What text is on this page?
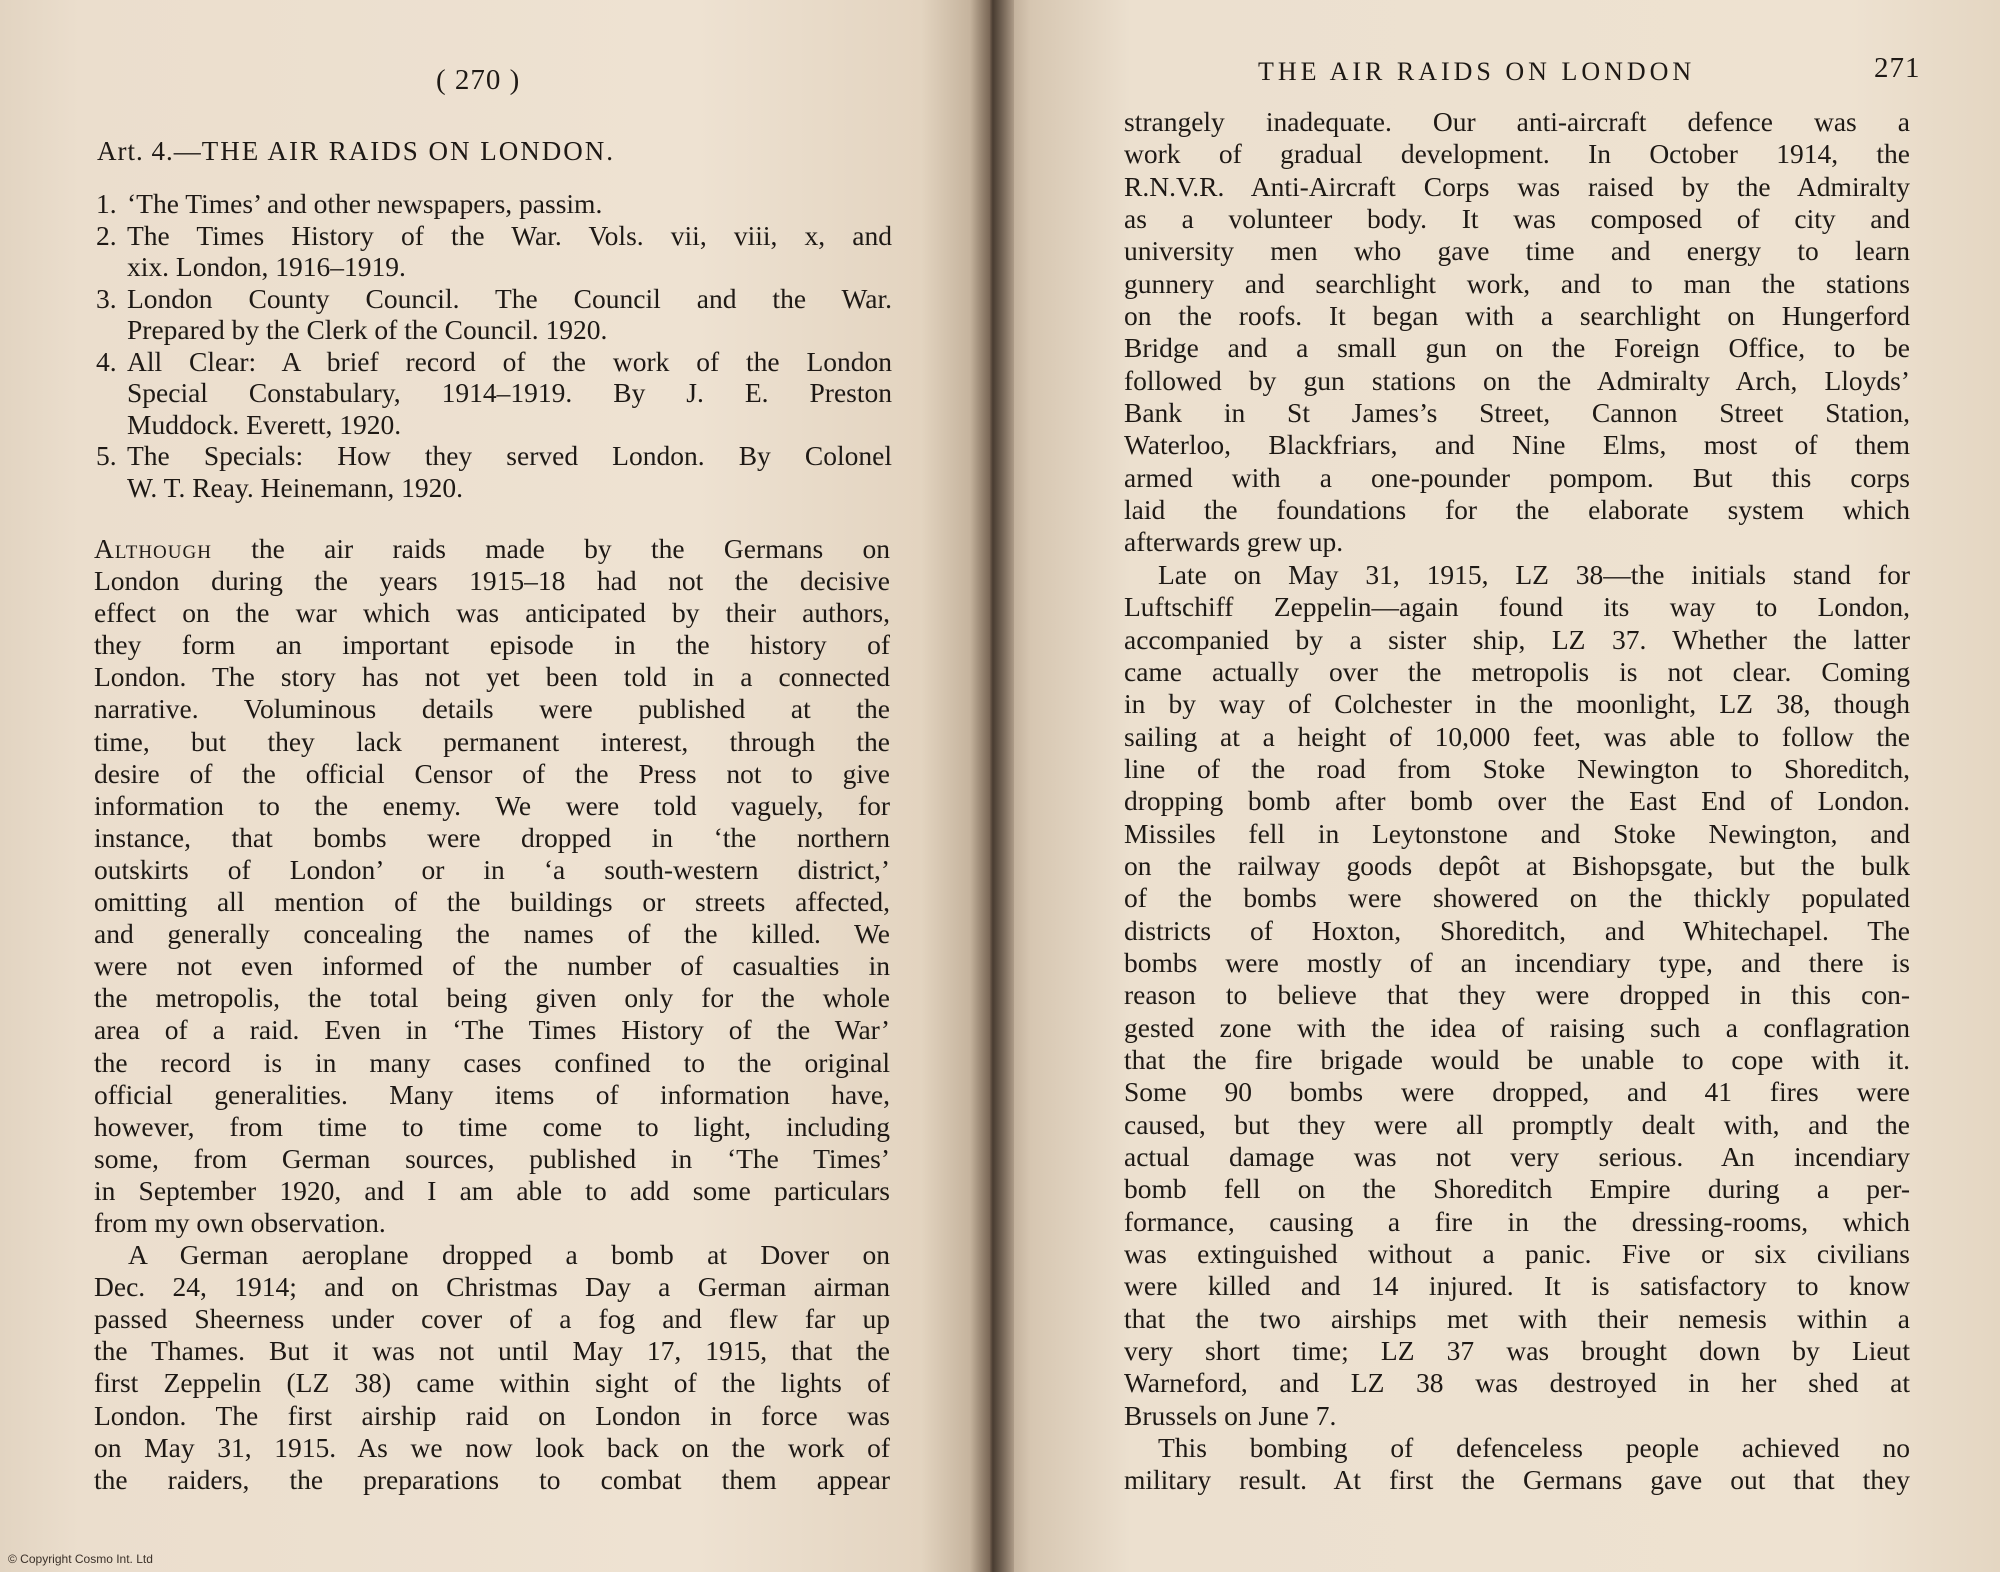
( 270 )
Art. 4.—THE AIR RAIDS ON LONDON.
1. ‘The Times’ and other newspapers, passim.
2. The Times History of the War. Vols. vii, viii, x, and
xix. London, 1916–1919.
3. London County Council. The Council and the War.
Prepared by the Clerk of the Council. 1920.
4. All Clear: A brief record of the work of the London
Special Constabulary, 1914–1919. By J. E. Preston
Muddock. Everett, 1920.
5. The Specials: How they served London. By Colonel
W. T. Reay. Heinemann, 1920.

Although the air raids made by the Germans on
London during the years 1915–18 had not the decisive
effect on the war which was anticipated by their authors,
they form an important episode in the history of
London. The story has not yet been told in a connected
narrative. Voluminous details were published at the
time, but they lack permanent interest, through the
desire of the official Censor of the Press not to give
information to the enemy. We were told vaguely, for
instance, that bombs were dropped in ‘the northern
outskirts of London’ or in ‘a south-western district,’
omitting all mention of the buildings or streets affected,
and generally concealing the names of the killed. We
were not even informed of the number of casualties in
the metropolis, the total being given only for the whole
area of a raid. Even in ‘The Times History of the War’
the record is in many cases confined to the original
official generalities. Many items of information have,
however, from time to time come to light, including
some, from German sources, published in ‘The Times’
in September 1920, and I am able to add some particulars
from my own observation.

A German aeroplane dropped a bomb at Dover on
Dec. 24, 1914; and on Christmas Day a German airman
passed Sheerness under cover of a fog and flew far up
the Thames. But it was not until May 17, 1915, that the
first Zeppelin (LZ 38) came within sight of the lights of
London. The first airship raid on London in force was
on May 31, 1915. As we now look back on the work of
the raiders, the preparations to combat them appear

THE AIR RAIDS ON LONDON	271

strangely inadequate. Our anti-aircraft defence was a
work of gradual development. In October 1914, the
R.N.V.R. Anti-Aircraft Corps was raised by the Admiralty
as a volunteer body. It was composed of city and
university men who gave time and energy to learn
gunnery and searchlight work, and to man the stations
on the roofs. It began with a searchlight on Hungerford
Bridge and a small gun on the Foreign Office, to be
followed by gun stations on the Admiralty Arch, Lloyds’
Bank in St James’s Street, Cannon Street Station,
Waterloo, Blackfriars, and Nine Elms, most of them
armed with a one-pounder pompom. But this corps
laid the foundations for the elaborate system which
afterwards grew up.

Late on May 31, 1915, LZ 38—the initials stand for
Luftschiff Zeppelin—again found its way to London,
accompanied by a sister ship, LZ 37. Whether the latter
came actually over the metropolis is not clear. Coming
in by way of Colchester in the moonlight, LZ 38, though
sailing at a height of 10,000 feet, was able to follow the
line of the road from Stoke Newington to Shoreditch,
dropping bomb after bomb over the East End of London.
Missiles fell in Leytonstone and Stoke Newington, and
on the railway goods depôt at Bishopsgate, but the bulk
of the bombs were showered on the thickly populated
districts of Hoxton, Shoreditch, and Whitechapel. The
bombs were mostly of an incendiary type, and there is
reason to believe that they were dropped in this con-
gested zone with the idea of raising such a conflagration
that the fire brigade would be unable to cope with it.
Some 90 bombs were dropped, and 41 fires were
caused, but they were all promptly dealt with, and the
actual damage was not very serious. An incendiary
bomb fell on the Shoreditch Empire during a per-
formance, causing a fire in the dressing-rooms, which
was extinguished without a panic. Five or six civilians
were killed and 14 injured. It is satisfactory to know
that the two airships met with their nemesis within a
very short time; LZ 37 was brought down by Lieut
Warneford, and LZ 38 was destroyed in her shed at
Brussels on June 7.

This bombing of defenceless people achieved no
military result. At first the Germans gave out that they

© Copyright Cosmo Int. Ltd
